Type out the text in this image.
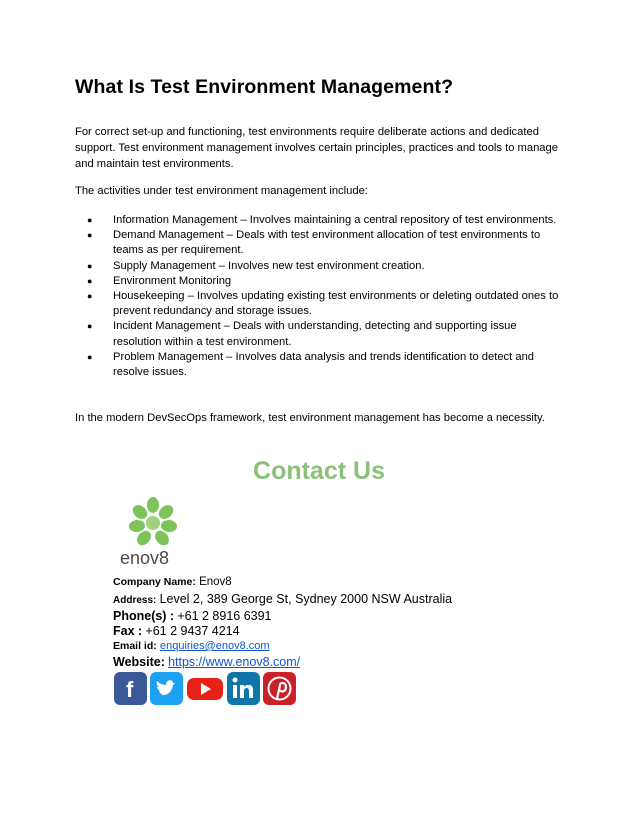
What Is Test Environment Management?

For correct set-up and functioning, test environments require deliberate actions and dedicated support. Test environment management involves certain principles, practices and tools to manage and maintain test environments.

The activities under test environment management include:

● Information Management – Involves maintaining a central repository of test environments.
● Demand Management – Deals with test environment allocation of test environments to teams as per requirement.
● Supply Management – Involves new test environment creation.
● Environment Monitoring
● Housekeeping – Involves updating existing test environments or deleting outdated ones to prevent redundancy and storage issues.
● Incident Management – Deals with understanding, detecting and supporting issue resolution within a test environment.
● Problem Management – Involves data analysis and trends identification to detect and resolve issues.

In the modern DevSecOps framework, test environment management has become a necessity.

Contact Us
enov8
Company Name: Enov8
Address: Level 2, 389 George St, Sydney 2000 NSW Australia
Phone(s) : +61 2 8916 6391
Fax : +61 2 9437 4214
Email id: enquiries@enov8.com
Website: https://www.enov8.com/
f
